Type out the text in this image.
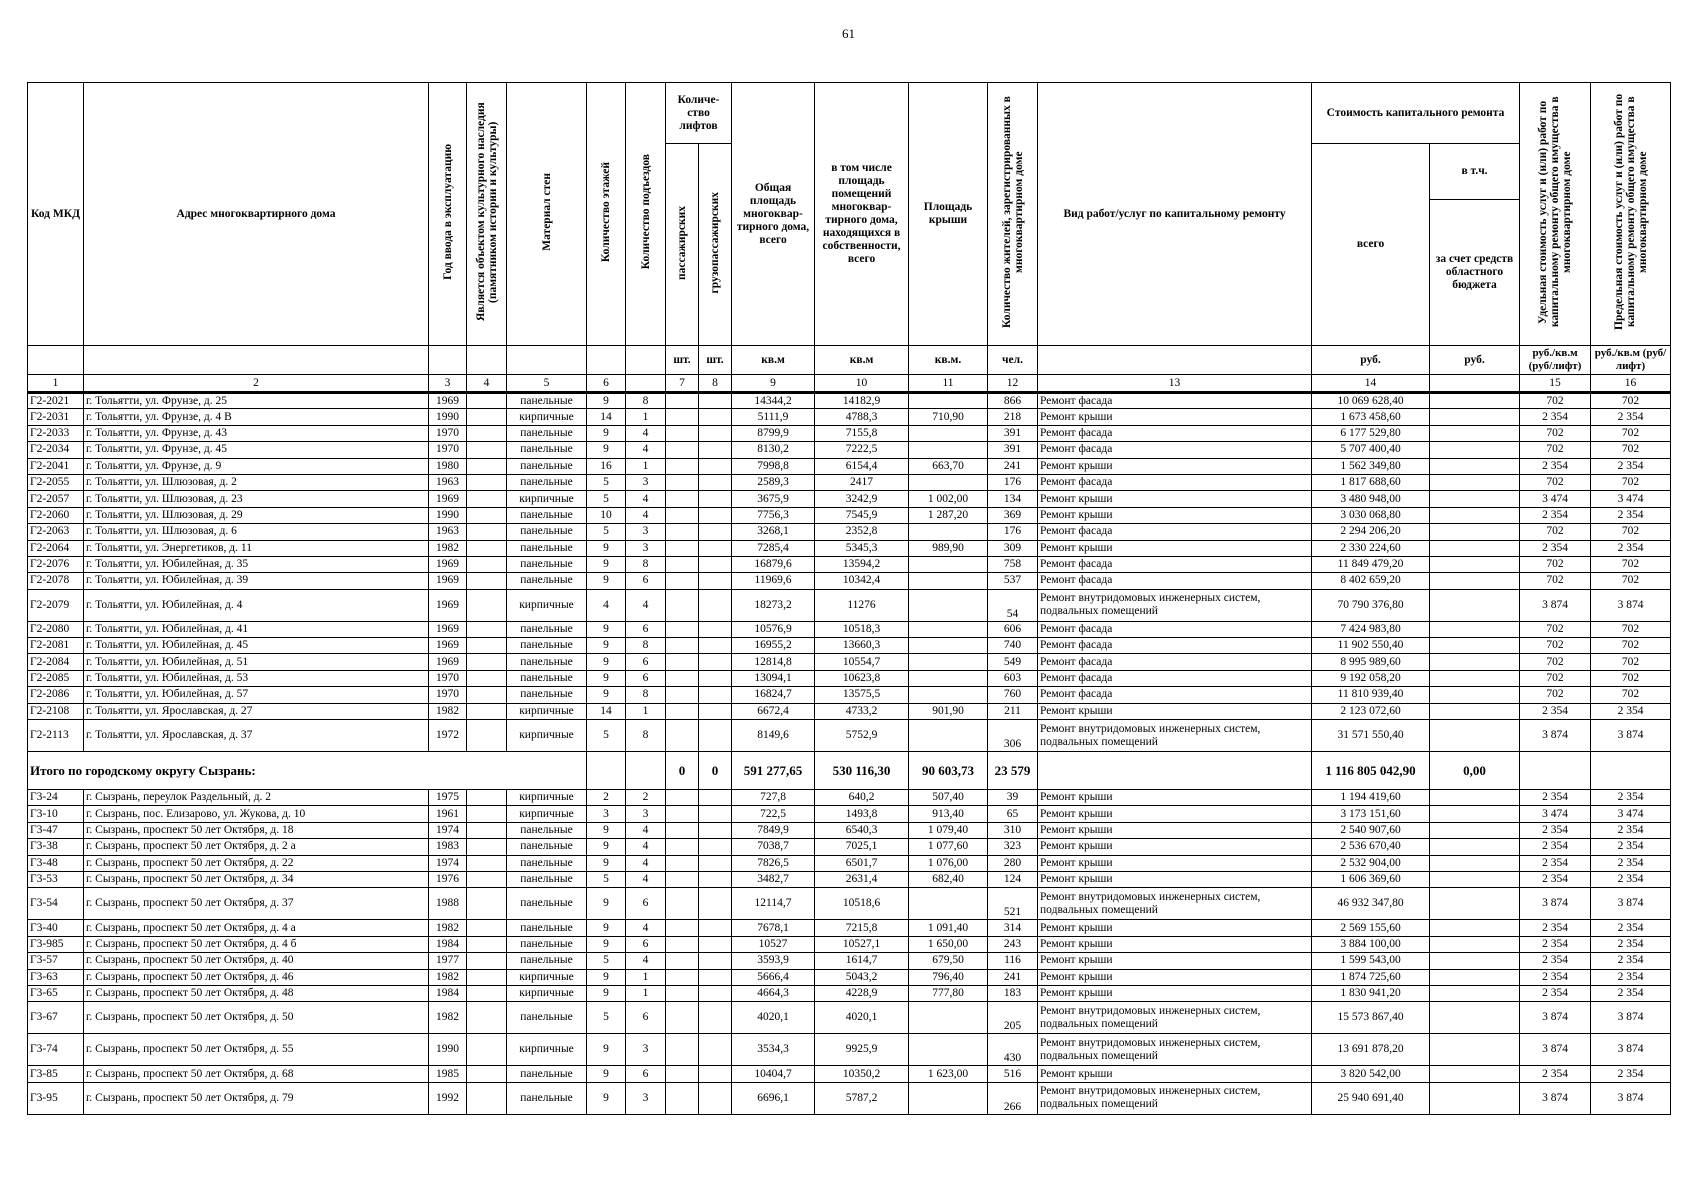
61
Код МКД	Адрес многоквартирного дома	Год ввода в эксплуатацию	Является объектом культурного наследия (памятником истории и культуры)	Материал стен	Количество этажей	Количество подъездов	Количе-ство лифтов		Общая площадь многоквар-тирного дома, всего	в том числе площадь помещений многоквар-тирного дома, находящихся в собственности, всего	Площадь крыши	Количество жителей, зарегистрированных в многоквартирном доме	Вид работ/услуг по капитальному ремонту	Стоимость капитального ремонта		Удельная стоимость услуг и (или) работ по капитальному ремонту общего имущества в многоквартирном доме	Предельная стоимость услуг и (или) работ по капитальному ремонту общего имущества в многоквартирном доме
							пассажирских	грузопассажирских						всего	в т.ч.		
															за счет средств областного бюджета		
							шт.	шт.	кв.м	кв.м	кв.м.	чел.		руб.	руб.	руб./кв.м (руб/лифт)	руб./кв.м (руб/лифт)
1	2	3	4	5	6		7	8	9	10	11	12	13	14		15	16
Г2-2021	г. Тольятти, ул. Фрунзе, д. 25	1969		панельные	9	8			14344,2	14182,9		866	Ремонт фасада	10 069 628,40		702	702
Г2-2031	г. Тольятти, ул. Фрунзе, д. 4 В	1990		кирпичные	14	1			5111,9	4788,3	710,90	218	Ремонт крыши	1 673 458,60		2 354	2 354
Г2-2033	г. Тольятти, ул. Фрунзе, д. 43	1970		панельные	9	4			8799,9	7155,8		391	Ремонт фасада	6 177 529,80		702	702
Г2-2034	г. Тольятти, ул. Фрунзе, д. 45	1970		панельные	9	4			8130,2	7222,5		391	Ремонт фасада	5 707 400,40		702	702
Г2-2041	г. Тольятти, ул. Фрунзе, д. 9	1980		панельные	16	1			7998,8	6154,4	663,70	241	Ремонт крыши	1 562 349,80		2 354	2 354
Г2-2055	г. Тольятти, ул. Шлюзовая, д. 2	1963		панельные	5	3			2589,3	2417		176	Ремонт фасада	1 817 688,60		702	702
Г2-2057	г. Тольятти, ул. Шлюзовая, д. 23	1969		кирпичные	5	4			3675,9	3242,9	1 002,00	134	Ремонт крыши	3 480 948,00		3 474	3 474
Г2-2060	г. Тольятти, ул. Шлюзовая, д. 29	1990		панельные	10	4			7756,3	7545,9	1 287,20	369	Ремонт крыши	3 030 068,80		2 354	2 354
Г2-2063	г. Тольятти, ул. Шлюзовая, д. 6	1963		панельные	5	3			3268,1	2352,8		176	Ремонт фасада	2 294 206,20		702	702
Г2-2064	г. Тольятти, ул. Энергетиков, д. 11	1982		панельные	9	3			7285,4	5345,3	989,90	309	Ремонт крыши	2 330 224,60		2 354	2 354
Г2-2076	г. Тольятти, ул. Юбилейная, д. 35	1969		панельные	9	8			16879,6	13594,2		758	Ремонт фасада	11 849 479,20		702	702
Г2-2078	г. Тольятти, ул. Юбилейная, д. 39	1969		панельные	9	6			11969,6	10342,4		537	Ремонт фасада	8 402 659,20		702	702
Г2-2079	г. Тольятти, ул. Юбилейная, д. 4	1969		кирпичные	4	4			18273,2	11276		54	Ремонт внутридомовых инженерных систем, подвальных помещений	70 790 376,80		3 874	3 874
Г2-2080	г. Тольятти, ул. Юбилейная, д. 41	1969		панельные	9	6			10576,9	10518,3		606	Ремонт фасада	7 424 983,80		702	702
Г2-2081	г. Тольятти, ул. Юбилейная, д. 45	1969		панельные	9	8			16955,2	13660,3		740	Ремонт фасада	11 902 550,40		702	702
Г2-2084	г. Тольятти, ул. Юбилейная, д. 51	1969		панельные	9	6			12814,8	10554,7		549	Ремонт фасада	8 995 989,60		702	702
Г2-2085	г. Тольятти, ул. Юбилейная, д. 53	1970		панельные	9	6			13094,1	10623,8		603	Ремонт фасада	9 192 058,20		702	702
Г2-2086	г. Тольятти, ул. Юбилейная, д. 57	1970		панельные	9	8			16824,7	13575,5		760	Ремонт фасада	11 810 939,40		702	702
Г2-2108	г. Тольятти, ул. Ярославская, д. 27	1982		кирпичные	14	1			6672,4	4733,2	901,90	211	Ремонт крыши	2 123 072,60		2 354	2 354
Г2-2113	г. Тольятти, ул. Ярославская, д. 37	1972		кирпичные	5	8			8149,6	5752,9		306	Ремонт внутридомовых инженерных систем, подвальных помещений	31 571 550,40		3 874	3 874
Итого по городскому округу Сызрань:							0	0	591 277,65	530 116,30	90 603,73	23 579		1 116 805 042,90	0,00		
Г3-24	г. Сызрань, переулок Раздельный, д. 2	1975		кирпичные	2	2			727,8	640,2	507,40	39	Ремонт крыши	1 194 419,60		2 354	2 354
Г3-10	г. Сызрань, пос. Елизарово, ул. Жукова, д. 10	1961		кирпичные	3	3			722,5	1493,8	913,40	65	Ремонт крыши	3 173 151,60		3 474	3 474
Г3-47	г. Сызрань, проспект 50 лет Октября, д. 18	1974		панельные	9	4			7849,9	6540,3	1 079,40	310	Ремонт крыши	2 540 907,60		2 354	2 354
Г3-38	г. Сызрань, проспект 50 лет Октября, д. 2 а	1983		панельные	9	4			7038,7	7025,1	1 077,60	323	Ремонт крыши	2 536 670,40		2 354	2 354
Г3-48	г. Сызрань, проспект 50 лет Октября, д. 22	1974		панельные	9	4			7826,5	6501,7	1 076,00	280	Ремонт крыши	2 532 904,00		2 354	2 354
Г3-53	г. Сызрань, проспект 50 лет Октября, д. 34	1976		панельные	5	4			3482,7	2631,4	682,40	124	Ремонт крыши	1 606 369,60		2 354	2 354
Г3-54	г. Сызрань, проспект 50 лет Октября, д. 37	1988		панельные	9	6			12114,7	10518,6		521	Ремонт внутридомовых инженерных систем, подвальных помещений	46 932 347,80		3 874	3 874
Г3-40	г. Сызрань, проспект 50 лет Октября, д. 4 а	1982		панельные	9	4			7678,1	7215,8	1 091,40	314	Ремонт крыши	2 569 155,60		2 354	2 354
Г3-985	г. Сызрань, проспект 50 лет Октября, д. 4 б	1984		панельные	9	6			10527	10527,1	1 650,00	243	Ремонт крыши	3 884 100,00		2 354	2 354
Г3-57	г. Сызрань, проспект 50 лет Октября, д. 40	1977		панельные	5	4			3593,9	1614,7	679,50	116	Ремонт крыши	1 599 543,00		2 354	2 354
Г3-63	г. Сызрань, проспект 50 лет Октября, д. 46	1982		кирпичные	9	1			5666,4	5043,2	796,40	241	Ремонт крыши	1 874 725,60		2 354	2 354
Г3-65	г. Сызрань, проспект 50 лет Октября, д. 48	1984		кирпичные	9	1			4664,3	4228,9	777,80	183	Ремонт крыши	1 830 941,20		2 354	2 354
Г3-67	г. Сызрань, проспект 50 лет Октября, д. 50	1982		панельные	5	6			4020,1	4020,1		205	Ремонт внутридомовых инженерных систем, подвальных помещений	15 573 867,40		3 874	3 874
Г3-74	г. Сызрань, проспект 50 лет Октября, д. 55	1990		кирпичные	9	3			3534,3	9925,9		430	Ремонт внутридомовых инженерных систем, подвальных помещений	13 691 878,20		3 874	3 874
Г3-85	г. Сызрань, проспект 50 лет Октября, д. 68	1985		панельные	9	6			10404,7	10350,2	1 623,00	516	Ремонт крыши	3 820 542,00		2 354	2 354
Г3-95	г. Сызрань, проспект 50 лет Октября, д. 79	1992		панельные	9	3			6696,1	5787,2		266	Ремонт внутридомовых инженерных систем, подвальных помещений	25 940 691,40		3 874	3 874
